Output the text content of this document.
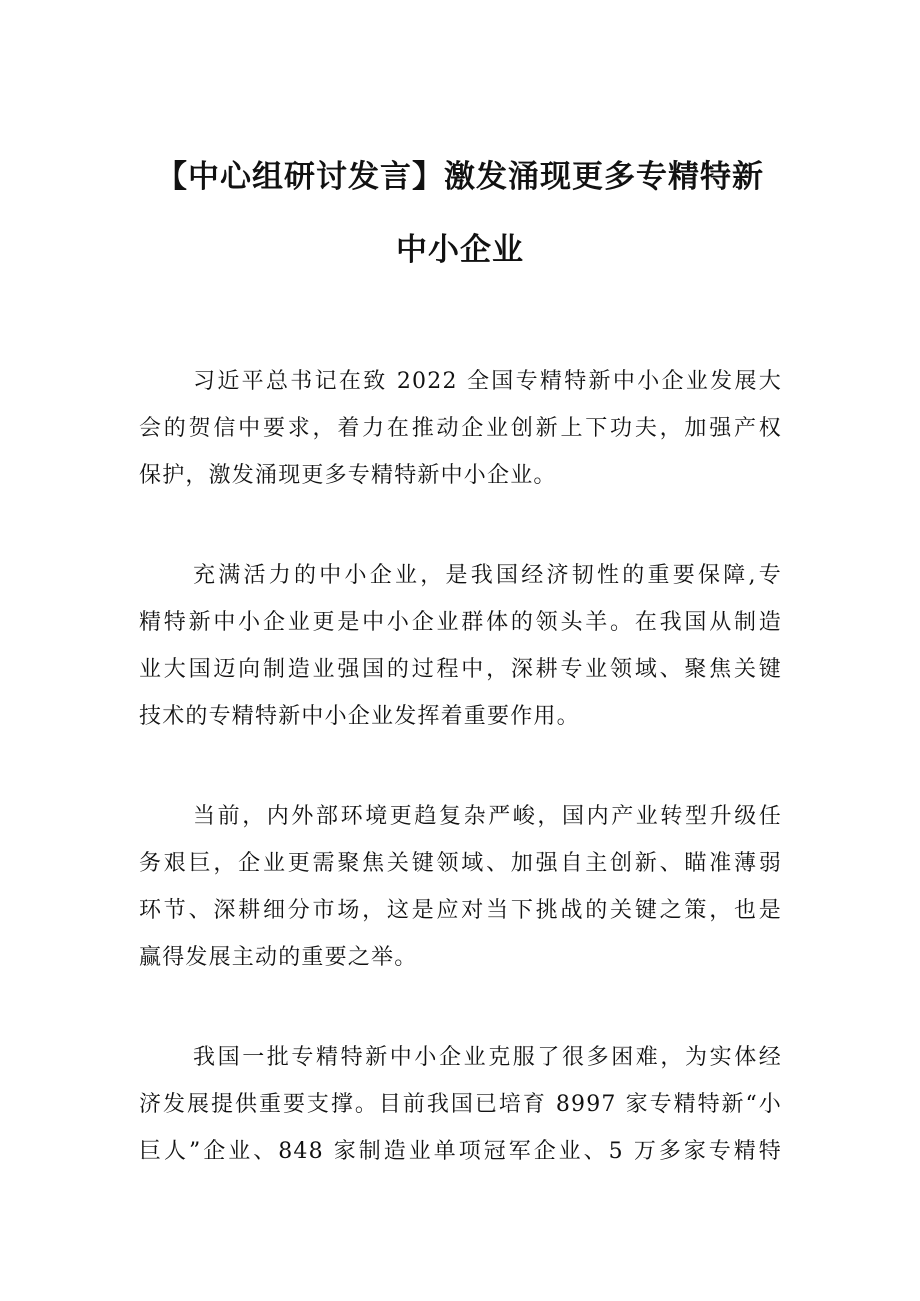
【中心组研讨发言】激发涌现更多专精特新
中小企业
习近平总书记在致 2022 全国专精特新中小企业发展大
会的贺信中要求，着力在推动企业创新上下功夫，加强产权
保护，激发涌现更多专精特新中小企业。
充满活力的中小企业，是我国经济韧性的重要保障,专
精特新中小企业更是中小企业群体的领头羊。在我国从制造
业大国迈向制造业强国的过程中，深耕专业领域、聚焦关键
技术的专精特新中小企业发挥着重要作用。
当前，内外部环境更趋复杂严峻，国内产业转型升级任
务艰巨，企业更需聚焦关键领域、加强自主创新、瞄准薄弱
环节、深耕细分市场，这是应对当下挑战的关键之策，也是
赢得发展主动的重要之举。
我国一批专精特新中小企业克服了很多困难，为实体经
济发展提供重要支撑。目前我国已培育 8997 家专精特新“小
巨人”企业、848 家制造业单项冠军企业、5 万多家专精特
